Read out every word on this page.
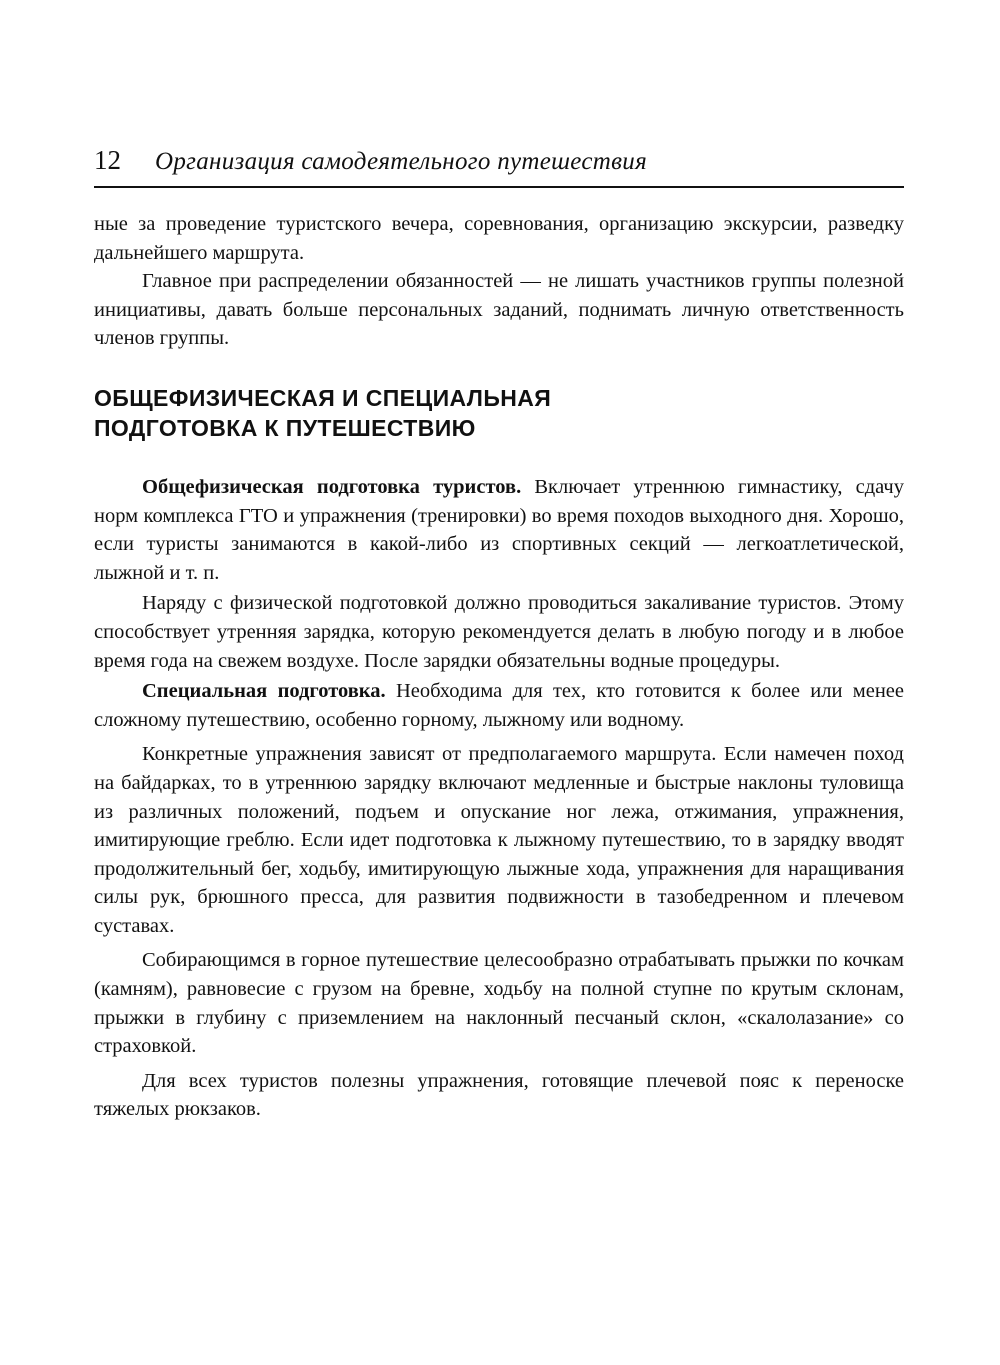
12 Организация самодеятельного путешествия

ные за проведение туристского вечера, соревнования, организацию экскурсии, разведку дальнейшего маршрута.

Главное при распределении обязанностей — не лишать участников группы полезной инициативы, давать больше персональных заданий, поднимать личную ответственность членов группы.

ОБЩЕФИЗИЧЕСКАЯ И СПЕЦИАЛЬНАЯ
ПОДГОТОВКА К ПУТЕШЕСТВИЮ

Общефизическая подготовка туристов. Включает утреннюю гимнастику, сдачу норм комплекса ГТО и упражнения (тренировки) во время походов выходного дня. Хорошо, если туристы занимаются в какой-либо из спортивных секций — легкоатлетической, лыжной и т. п.

Наряду с физической подготовкой должно проводиться закаливание туристов. Этому способствует утренняя зарядка, которую рекомендуется делать в любую погоду и в любое время года на свежем воздухе. После зарядки обязательны водные процедуры.

Специальная подготовка. Необходима для тех, кто готовится к более или менее сложному путешествию, особенно горному, лыжному или водному.

Конкретные упражнения зависят от предполагаемого маршрута. Если намечен поход на байдарках, то в утреннюю зарядку включают медленные и быстрые наклоны туловища из различных положений, подъем и опускание ног лежа, отжимания, упражнения, имитирующие греблю. Если идет подготовка к лыжному путешествию, то в зарядку вводят продолжительный бег, ходьбу, имитирующую лыжные хода, упражнения для наращивания силы рук, брюшного пресса, для развития подвижности в тазобедренном и плечевом суставах.

Собирающимся в горное путешествие целесообразно отрабатывать прыжки по кочкам (камням), равновесие с грузом на бревне, ходьбу на полной ступне по крутым склонам, прыжки в глубину с приземлением на наклонный песчаный склон, «скалолазание» со страховкой.

Для всех туристов полезны упражнения, готовящие плечевой пояс к переноске тяжелых рюкзаков.
